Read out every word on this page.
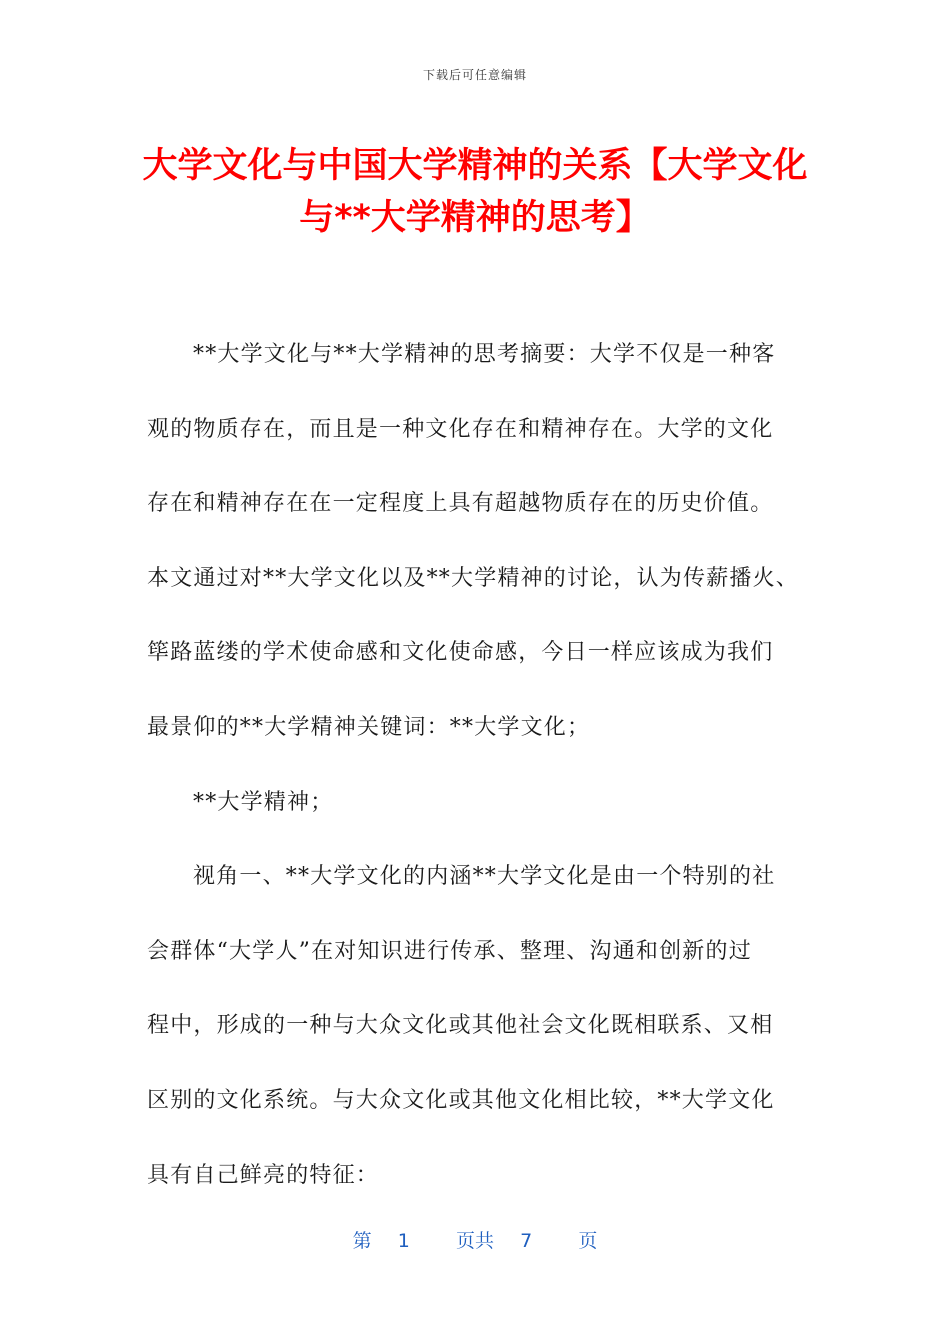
下载后可任意编辑
大学文化与中国大学精神的关系【大学文化
与**大学精神的思考】

**大学文化与**大学精神的思考摘要：大学不仅是一种客
观的物质存在，而且是一种文化存在和精神存在。大学的文化
存在和精神存在在一定程度上具有超越物质存在的历史价值。
本文通过对**大学文化以及**大学精神的讨论，认为传薪播火、
筚路蓝缕的学术使命感和文化使命感，今日一样应该成为我们
最景仰的**大学精神关键词：**大学文化；

**大学精神；

视角一、**大学文化的内涵**大学文化是由一个特别的社
会群体“大学人”在对知识进行传承、整理、沟通和创新的过
程中，形成的一种与大众文化或其他社会文化既相联系、又相
区别的文化系统。与大众文化或其他文化相比较，**大学文化
具有自己鲜亮的特征：

第 1 页共 7 页
